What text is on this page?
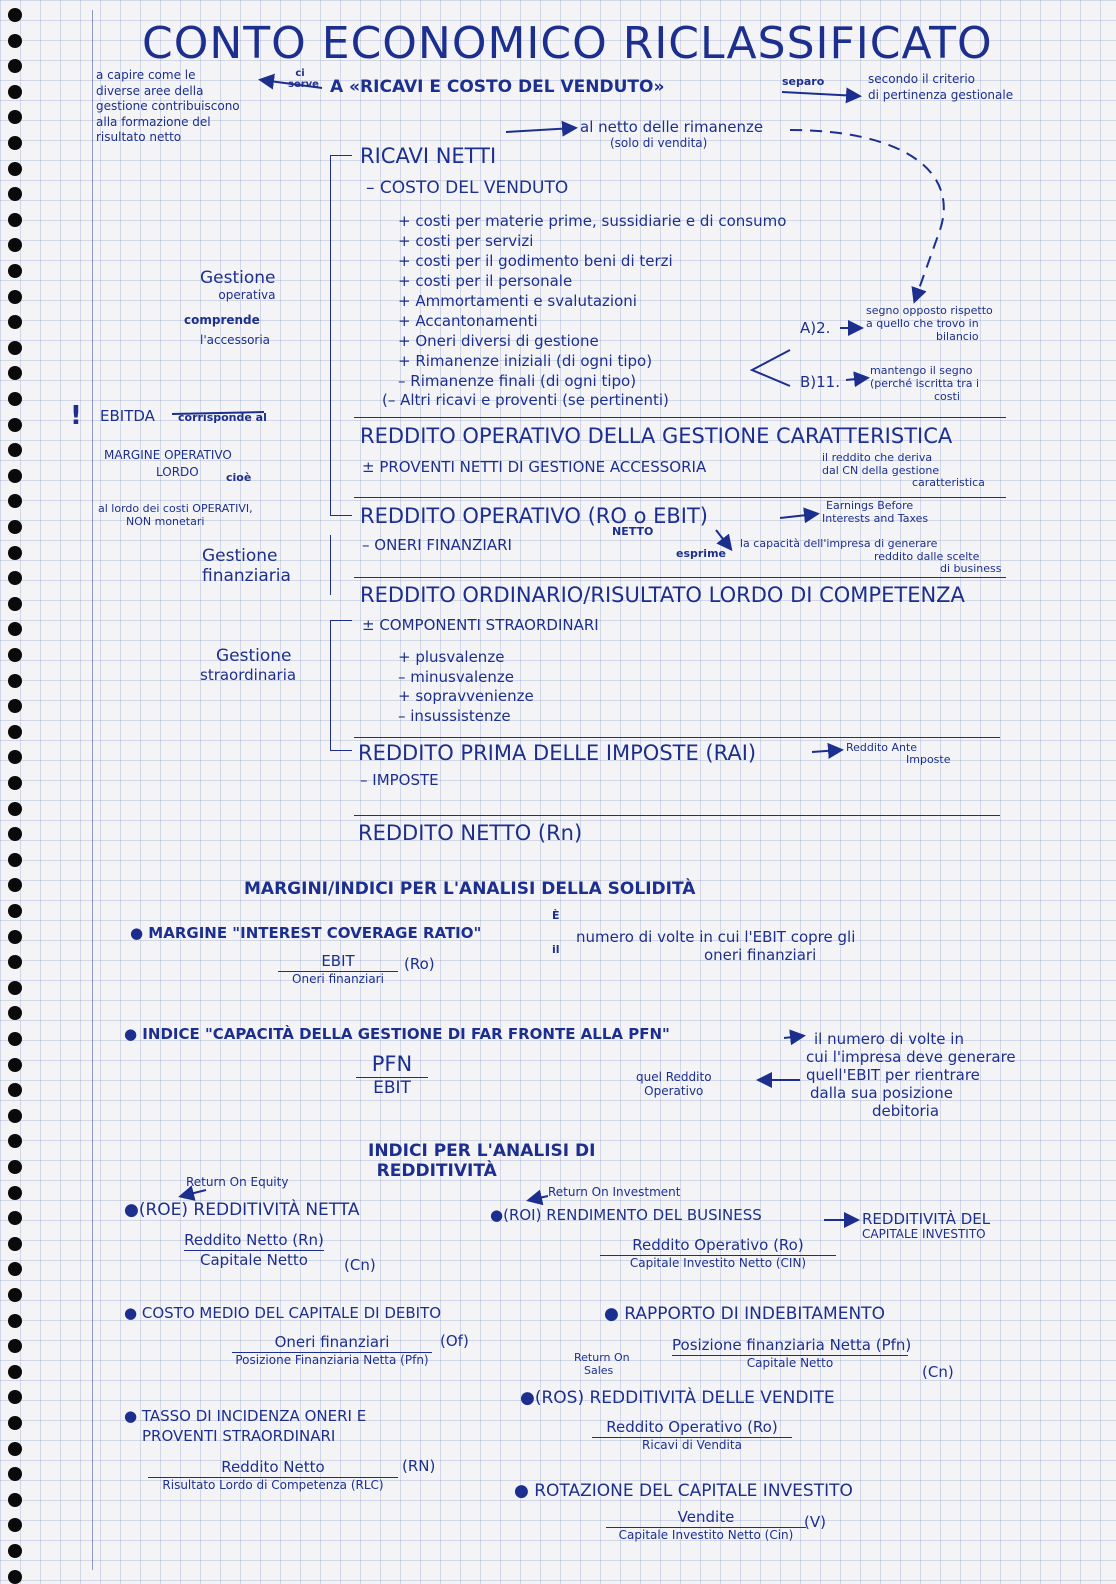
CONTO ECONOMICO RICLASSIFICATO
a capire come le
diverse aree della
gestione contribuiscono
alla formazione del
risultato netto
ci serve A «RICAVI E COSTO DEL VENDUTO»	separo	secondo il criterio
di pertinenza gestionale
al netto delle rimanenze
(solo di vendita)
RICAVI NETTI
– COSTO DEL VENDUTO
+ costi per materie prime, sussidiarie e di consumo
+ costi per servizi
+ costi per il godimento beni di terzi
+ costi per il personale
+ Ammortamenti e svalutazioni
+ Accantonamenti
+ Oneri diversi di gestione
+ Rimanenze iniziali (di ogni tipo)
– Rimanenze finali (di ogni tipo)
(– Altri ricavi e proventi (se pertinenti)
A)2.
segno opposto rispetto
a quello che trovo in
bilancio
B)11.
mantengo il segno
(perché iscritta tra i
costi
REDDITO OPERATIVO DELLA GESTIONE CARATTERISTICA
il reddito che deriva
dal CN della gestione
caratteristica
± PROVENTI NETTI DI GESTIONE ACCESSORIA
REDDITO OPERATIVO (RO o EBIT)
NETTO
Earnings Before
Interests and Taxes
– ONERI FINANZIARI	esprime
la capacità dell'impresa di generare
reddito dalle scelte
di business
REDDITO ORDINARIO/RISULTATO LORDO DI COMPETENZA
± COMPONENTI STRAORDINARI
+ plusvalenze
– minusvalenze
+ sopravvenienze
– insussistenze
REDDITO PRIMA DELLE IMPOSTE (RAI)	Reddito Ante
Imposte
– IMPOSTE
REDDITO NETTO (Rn)
Gestione
operativa
comprende
l'accessoria
! EBITDA corrisponde al
MARGINE OPERATIVO
LORDO	cioè
al lordo dei costi OPERATIVI,
NON monetari
Gestione
finanziaria
Gestione
straordinaria
MARGINI/INDICI PER L'ANALISI DELLA SOLIDITÀ
● MARGINE "INTEREST COVERAGE RATIO"
È
il
numero di volte in cui l'EBIT copre gli
oneri finanziari
EBIT
Oneri finanziari
(Ro)
● INDICE "CAPACITÀ DELLA GESTIONE DI FAR FRONTE ALLA PFN"
PFN
EBIT
quel Reddito
Operativo
il numero di volte in
cui l'impresa deve generare
quell'EBIT per rientrare
dalla sua posizione
debitoria
INDICI PER L'ANALISI DI
REDDITIVITÀ
Return On Equity
●(ROE) REDDITIVITÀ NETTA
Reddito Netto (Rn)
Capitale Netto	(Cn)
Return On Investment
●(ROI) RENDIMENTO DEL BUSINESS	REDDITIVITÀ DEL
CAPITALE INVESTITO
Reddito Operativo (Ro)
Capitale Investito Netto (CIN)
● COSTO MEDIO DEL CAPITALE DI DEBITO
Oneri finanziari
Posizione Finanziaria Netta (Pfn)
(Of)
● RAPPORTO DI INDEBITAMENTO
Posizione finanziaria Netta (Pfn)
Capitale Netto	(Cn)
Return On
Sales
●(ROS) REDDITIVITÀ DELLE VENDITE
Reddito Operativo (Ro)
Ricavi di Vendita
● TASSO DI INCIDENZA ONERI E
PROVENTI STRAORDINARI
Reddito Netto
Risultato Lordo di Competenza (RLC)
(RN)
● ROTAZIONE DEL CAPITALE INVESTITO
Vendite
Capitale Investito Netto (Cin)
(V)
